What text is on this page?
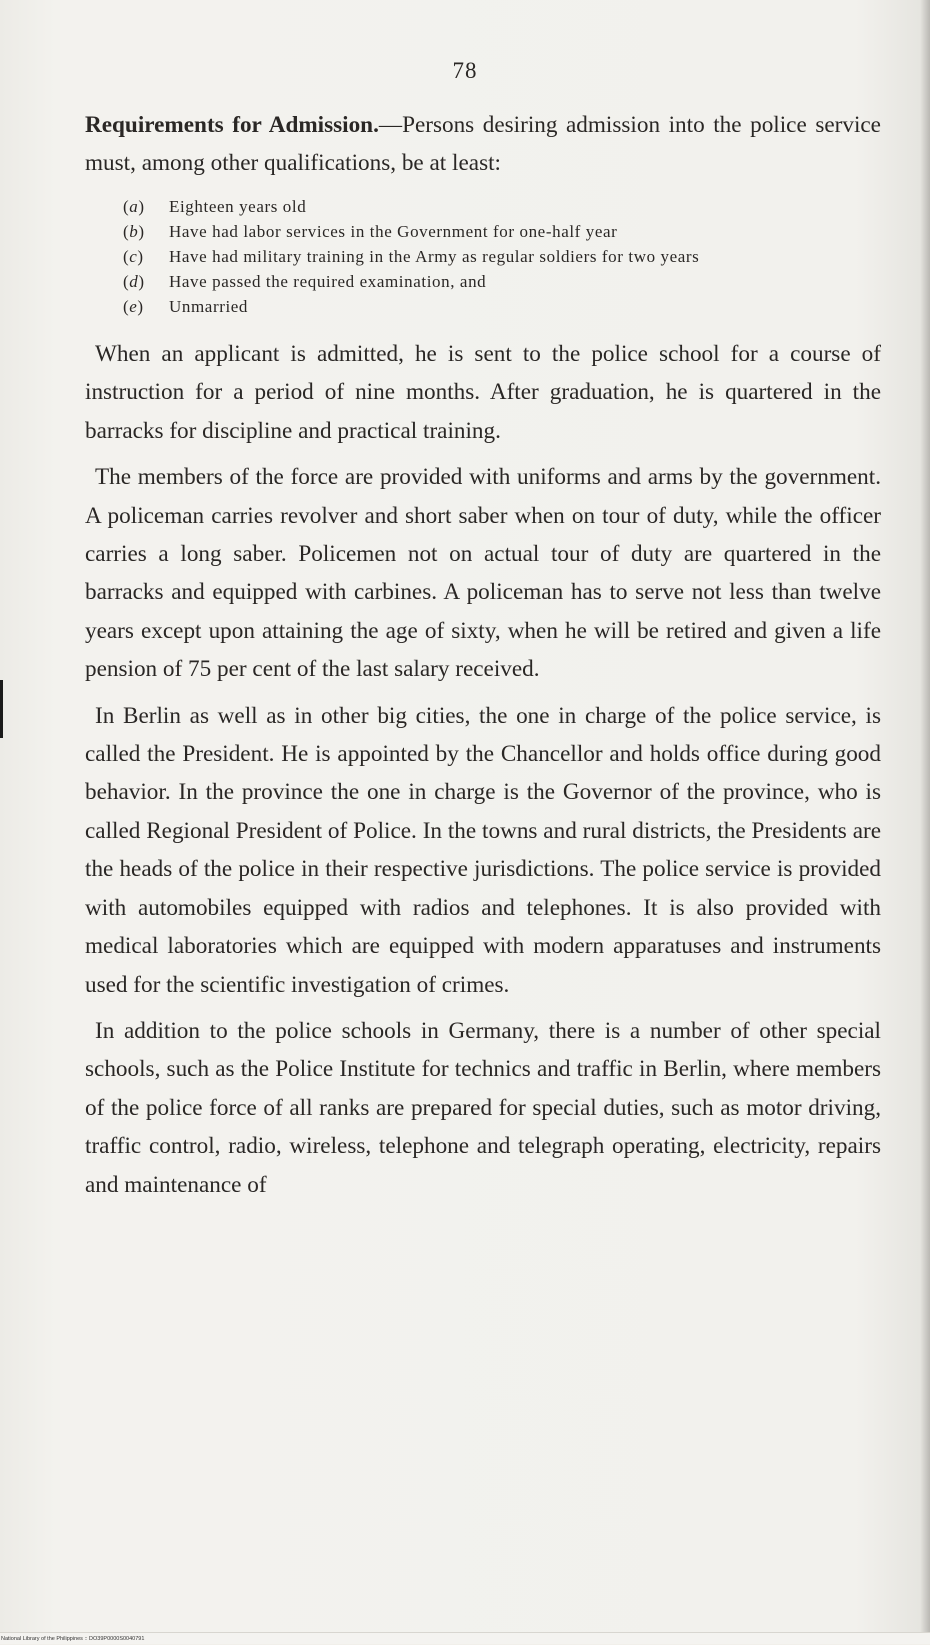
78

Requirements for Admission.—Persons desiring admission into the police service must, among other qualifications, be at least:

(a)	Eighteen years old
(b)	Have had labor services in the Government for one-half year
(c)	Have had military training in the Army as regular soldiers for two years
(d)	Have passed the required examination, and
(e)	Unmarried

When an applicant is admitted, he is sent to the police school for a course of instruction for a period of nine months. After graduation, he is quartered in the barracks for discipline and practical training.

The members of the force are provided with uniforms and arms by the government. A policeman carries revolver and short saber when on tour of duty, while the officer carries a long saber. Policemen not on actual tour of duty are quartered in the barracks and equipped with carbines. A policeman has to serve not less than twelve years except upon attaining the age of sixty, when he will be retired and given a life pension of 75 per cent of the last salary received.

In Berlin as well as in other big cities, the one in charge of the police service, is called the President. He is appointed by the Chancellor and holds office during good behavior. In the province the one in charge is the Governor of the province, who is called Regional President of Police. In the towns and rural districts, the Presidents are the heads of the police in their respective jurisdictions. The police service is provided with automobiles equipped with radios and telephones. It is also provided with medical laboratories which are equipped with modern apparatuses and instruments used for the scientific investigation of crimes.

In addition to the police schools in Germany, there is a number of other special schools, such as the Police Institute for technics and traffic in Berlin, where members of the police force of all ranks are prepared for special duties, such as motor driving, traffic control, radio, wireless, telephone and telegraph operating, electricity, repairs and maintenance of

National Library of the Philippines :: DO39P0000S0040791
